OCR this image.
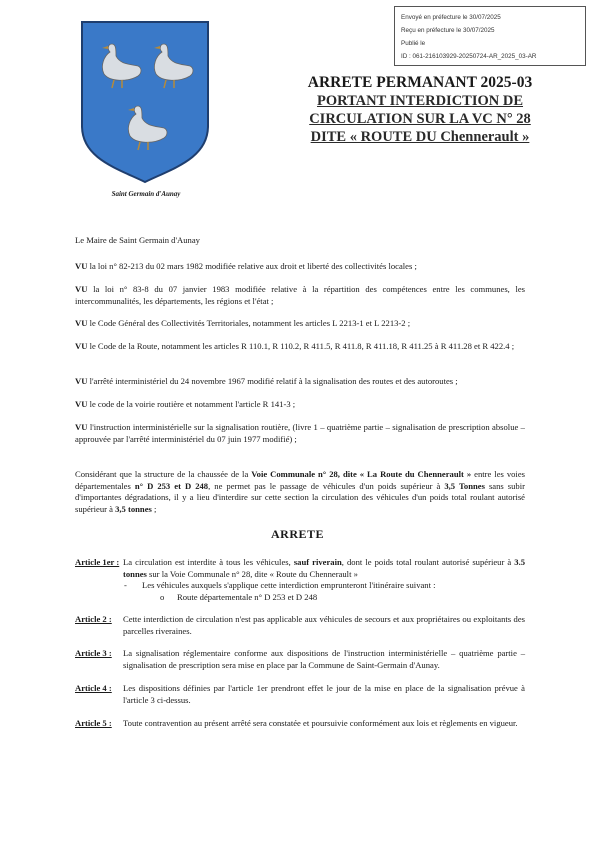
Envoyé en préfecture le 30/07/2025
Reçu en préfecture le 30/07/2025
Publié le
ID : 061-216103929-20250724-AR_2025_03-AR
Saint Germain d'Aunay
ARRETE PERMANANT 2025-03
PORTANT INTERDICTION DE
CIRCULATION SUR LA VC N° 28
DITE « ROUTE DU Chennerault »
Le Maire de Saint Germain d'Aunay
VU la loi n° 82-213 du 02 mars 1982 modifiée relative aux droit et liberté des collectivités locales ;
VU la loi n° 83-8 du 07 janvier 1983 modifiée relative à la répartition des compétences entre les communes, les intercommunalités, les départements, les régions et l'état ;
VU le Code Général des Collectivités Territoriales, notamment les articles L 2213-1 et L 2213-2 ;
VU le Code de la Route, notamment les articles R 110.1, R 110.2, R 411.5, R 411.8, R 411.18, R 411.25 à R 411.28 et R 422.4 ;
VU l'arrêté interministériel du 24 novembre 1967 modifié relatif à la signalisation des routes et des autoroutes ;
VU le code de la voirie routière et notamment l'article R 141-3 ;
VU l'instruction interministérielle sur la signalisation routière, (livre 1 – quatrième partie – signalisation de prescription absolue – approuvée par l'arrêté interministériel du 07 juin 1977 modifié) ;
Considérant que la structure de la chaussée de la Voie Communale n° 28, dite « La Route du Chennerault » entre les voies départementales n° D 253 et D 248, ne permet pas le passage de véhicules d'un poids supérieur à 3,5 Tonnes sans subir d'importantes dégradations, il y a lieu d'interdire sur cette section la circulation des véhicules d'un poids total roulant autorisé supérieur à 3,5 tonnes ;
ARRETE
Article 1er : La circulation est interdite à tous les véhicules, sauf riverain, dont le poids total roulant autorisé supérieur à 3.5 tonnes sur la Voie Communale n° 28, dite « Route du Chennerault »
- Les véhicules auxquels s'applique cette interdiction emprunteront l'itinéraire suivant :
o Route départementale n° D 253 et D 248
Article 2 : Cette interdiction de circulation n'est pas applicable aux véhicules de secours et aux propriétaires ou exploitants des parcelles riveraines.
Article 3 : La signalisation réglementaire conforme aux dispositions de l'instruction interministérielle – quatrième partie – signalisation de prescription sera mise en place par la Commune de Saint-Germain d'Aunay.
Article 4 : Les dispositions définies par l'article 1er prendront effet le jour de la mise en place de la signalisation prévue à l'article 3 ci-dessus.
Article 5 : Toute contravention au présent arrêté sera constatée et poursuivie conformément aux lois et règlements en vigueur.
